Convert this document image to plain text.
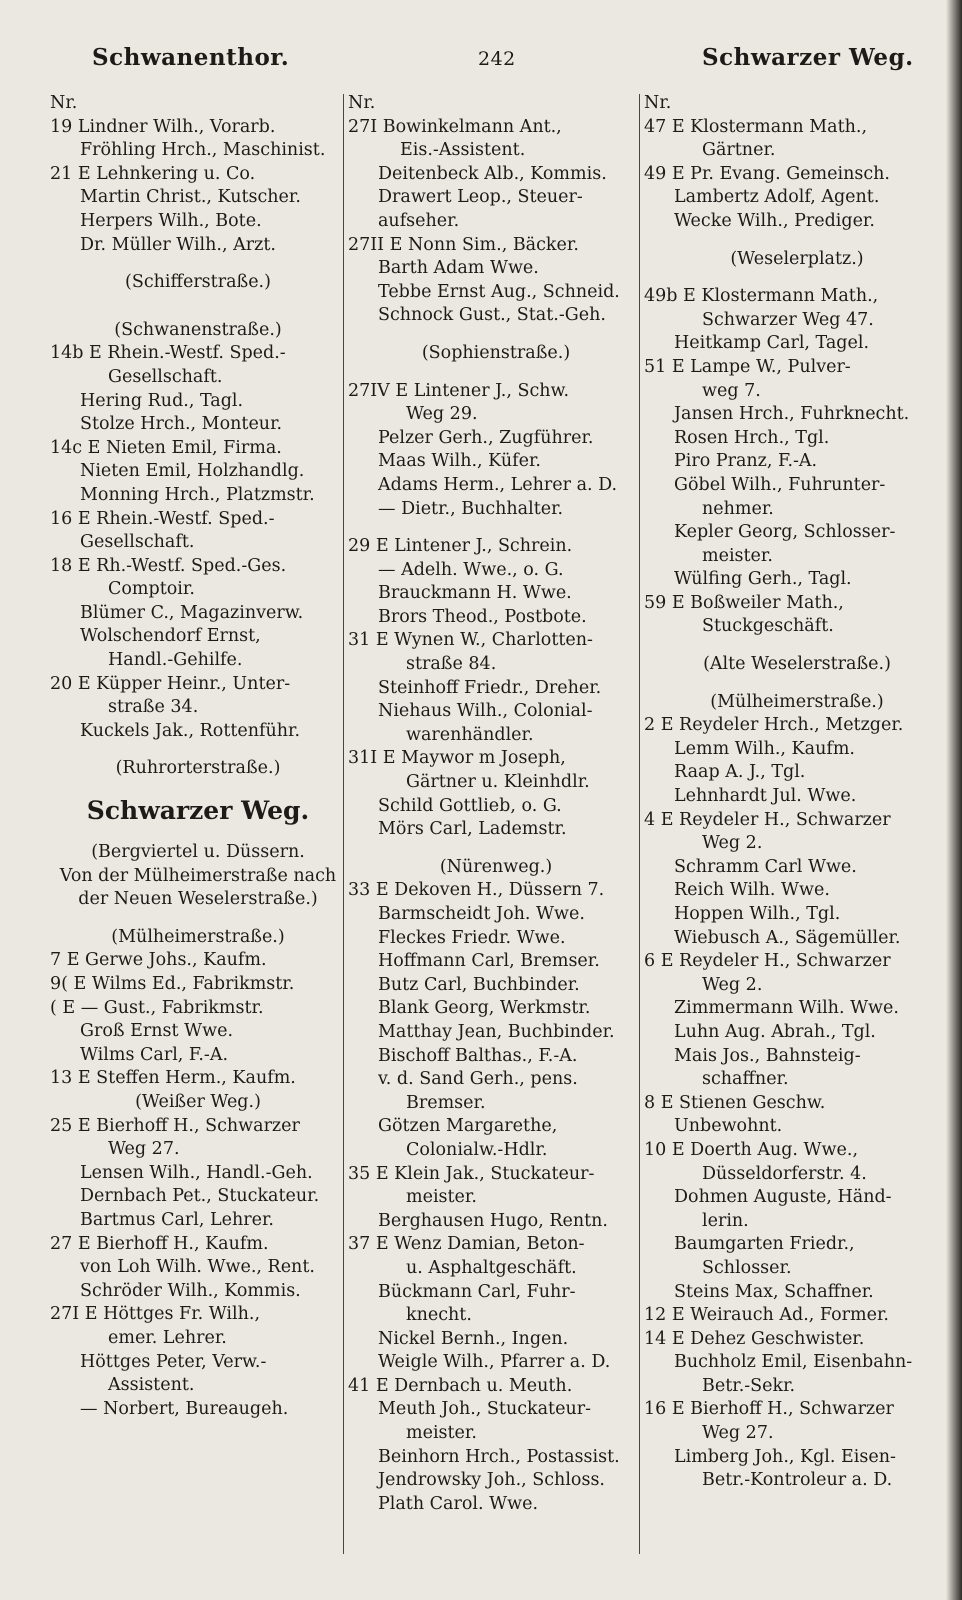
Schwanenthor.	242	Schwarzer Weg.
Nr.
19 Lindner Wilh., Vorarb.
Fröhling Hrch., Maschinist.
21 E Lehnkering u. Co.
Martin Christ., Kutscher.
Herpers Wilh., Bote.
Dr. Müller Wilh., Arzt.
(Schifferstraße.)
(Schwanenstraße.)
14b E Rhein.-Westf. Sped.-
Gesellschaft.
Hering Rud., Tagl.
Stolze Hrch., Monteur.
14c E Nieten Emil, Firma.
Nieten Emil, Holzhandlg.
Monning Hrch., Platzmstr.
16 E Rhein.-Westf. Sped.-
Gesellschaft.
18 E Rh.-Westf. Sped.-Ges.
Comptoir.
Blümer C., Magazinverw.
Wolschendorf Ernst,
Handl.-Gehilfe.
20 E Küpper Heinr., Unter-
straße 34.
Kuckels Jak., Rottenführ.
(Ruhrorterstraße.)
Schwarzer Weg.
(Bergviertel u. Düssern.
Von der Mülheimerstraße nach
der Neuen Weselerstraße.)
(Mülheimerstraße.)
7 E Gerwe Johs., Kaufm.
9( E Wilms Ed., Fabrikmstr.
( E — Gust., Fabrikmstr.
Groß Ernst Wwe.
Wilms Carl, F.-A.
13 E Steffen Herm., Kaufm.
(Weißer Weg.)
25 E Bierhoff H., Schwarzer
Weg 27.
Lensen Wilh., Handl.-Geh.
Dernbach Pet., Stuckateur.
Bartmus Carl, Lehrer.
27 E Bierhoff H., Kaufm.
von Loh Wilh. Wwe., Rent.
Schröder Wilh., Kommis.
27I E Höttges Fr. Wilh.,
emer. Lehrer.
Höttges Peter, Verw.-
Assistent.
— Norbert, Bureaugeh.
Nr.
27I Bowinkelmann Ant.,
Eis.-Assistent.
Deitenbeck Alb., Kommis.
Drawert Leop., Steuer-
aufseher.
27II E Nonn Sim., Bäcker.
Barth Adam Wwe.
Tebbe Ernst Aug., Schneid.
Schnock Gust., Stat.-Geh.
(Sophienstraße.)
27IV E Lintener J., Schw.
Weg 29.
Pelzer Gerh., Zugführer.
Maas Wilh., Küfer.
Adams Herm., Lehrer a. D.
— Dietr., Buchhalter.
29 E Lintener J., Schrein.
— Adelh. Wwe., o. G.
Brauckmann H. Wwe.
Brors Theod., Postbote.
31 E Wynen W., Charlotten-
straße 84.
Steinhoff Friedr., Dreher.
Niehaus Wilh., Colonial-
warenhändler.
31I E Maywor m Joseph,
Gärtner u. Kleinhdlr.
Schild Gottlieb, o. G.
Mörs Carl, Lademstr.
(Nürenweg.)
33 E Dekoven H., Düssern 7.
Barmscheidt Joh. Wwe.
Fleckes Friedr. Wwe.
Hoffmann Carl, Bremser.
Butz Carl, Buchbinder.
Blank Georg, Werkmstr.
Matthay Jean, Buchbinder.
Bischoff Balthas., F.-A.
v. d. Sand Gerh., pens.
Bremser.
Götzen Margarethe,
Colonialw.-Hdlr.
35 E Klein Jak., Stuckateur-
meister.
Berghausen Hugo, Rentn.
37 E Wenz Damian, Beton-
u. Asphaltgeschäft.
Bückmann Carl, Fuhr-
knecht.
Nickel Bernh., Ingen.
Weigle Wilh., Pfarrer a. D.
41 E Dernbach u. Meuth.
Meuth Joh., Stuckateur-
meister.
Beinhorn Hrch., Postassist.
Jendrowsky Joh., Schloss.
Plath Carol. Wwe.
Nr.
47 E Klostermann Math.,
Gärtner.
49 E Pr. Evang. Gemeinsch.
Lambertz Adolf, Agent.
Wecke Wilh., Prediger.
(Weselerplatz.)
49b E Klostermann Math.,
Schwarzer Weg 47.
Heitkamp Carl, Tagel.
51 E Lampe W., Pulver-
weg 7.
Jansen Hrch., Fuhrknecht.
Rosen Hrch., Tgl.
Piro Pranz, F.-A.
Göbel Wilh., Fuhrunter-
nehmer.
Kepler Georg, Schlosser-
meister.
Wülfing Gerh., Tagl.
59 E Boßweiler Math.,
Stuckgeschäft.
(Alte Weselerstraße.)
(Mülheimerstraße.)
2 E Reydeler Hrch., Metzger.
Lemm Wilh., Kaufm.
Raap A. J., Tgl.
Lehnhardt Jul. Wwe.
4 E Reydeler H., Schwarzer
Weg 2.
Schramm Carl Wwe.
Reich Wilh. Wwe.
Hoppen Wilh., Tgl.
Wiebusch A., Sägemüller.
6 E Reydeler H., Schwarzer
Weg 2.
Zimmermann Wilh. Wwe.
Luhn Aug. Abrah., Tgl.
Mais Jos., Bahnsteig-
schaffner.
8 E Stienen Geschw.
Unbewohnt.
10 E Doerth Aug. Wwe.,
Düsseldorferstr. 4.
Dohmen Auguste, Händ-
lerin.
Baumgarten Friedr.,
Schlosser.
Steins Max, Schaffner.
12 E Weirauch Ad., Former.
14 E Dehez Geschwister.
Buchholz Emil, Eisenbahn-
Betr.-Sekr.
16 E Bierhoff H., Schwarzer
Weg 27.
Limberg Joh., Kgl. Eisen-
Betr.-Kontroleur a. D.
